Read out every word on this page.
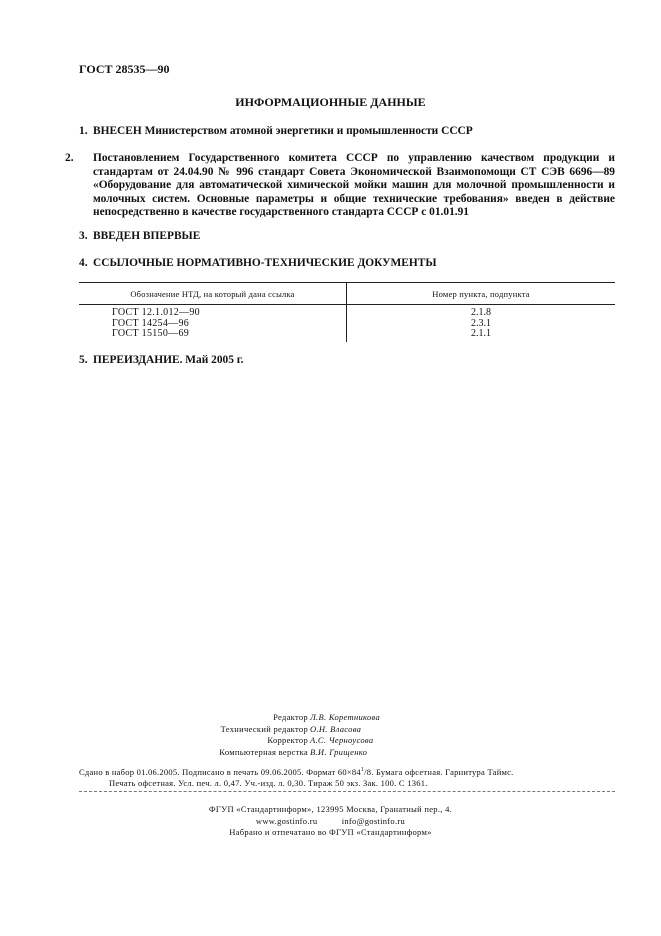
ГОСТ 28535—90
ИНФОРМАЦИОННЫЕ ДАННЫЕ
1. ВНЕСЕН Министерством атомной энергетики и промышленности СССР
2. Постановлением Государственного комитета СССР по управлению качеством продукции и стандартам от 24.04.90 № 996 стандарт Совета Экономической Взаимопомощи СТ СЭВ 6696—89 «Оборудование для автоматической химической мойки машин для молочной промышленности и молочных систем. Основные параметры и общие технические требования» введен в действие непосредственно в качестве государственного стандарта СССР с 01.01.91
3. ВВЕДЕН ВПЕРВЫЕ
4. ССЫЛОЧНЫЕ НОРМАТИВНО-ТЕХНИЧЕСКИЕ ДОКУМЕНТЫ
Обозначение НТД, на который дана ссылка	Номер пункта, подпункта
ГОСТ 12.1.012—90	2.1.8
ГОСТ 14254—96	2.3.1
ГОСТ 15150—69	2.1.1
5. ПЕРЕИЗДАНИЕ. Май 2005 г.
Редактор Л.В. Коретникова
Технический редактор О.Н. Власова
Корректор А.С. Черноусова
Компьютерная верстка В.И. Грищенко
Сдано в набор 01.06.2005. Подписано в печать 09.06.2005. Формат $60\times 84^1/8$. Бумага офсетная. Гарнитура Таймс.
Печать офсетная. Усл. печ. л. 0,47. Уч.-изд. л. 0,30. Тираж 50 экз. Зак. 100. С 1361.
ФГУП «Стандартинформ», 123995 Москва, Гранатный пер., 4.
www.gostinfo.ru          info@gostinfo.ru
Набрано и отпечатано во ФГУП «Стандартинформ»
